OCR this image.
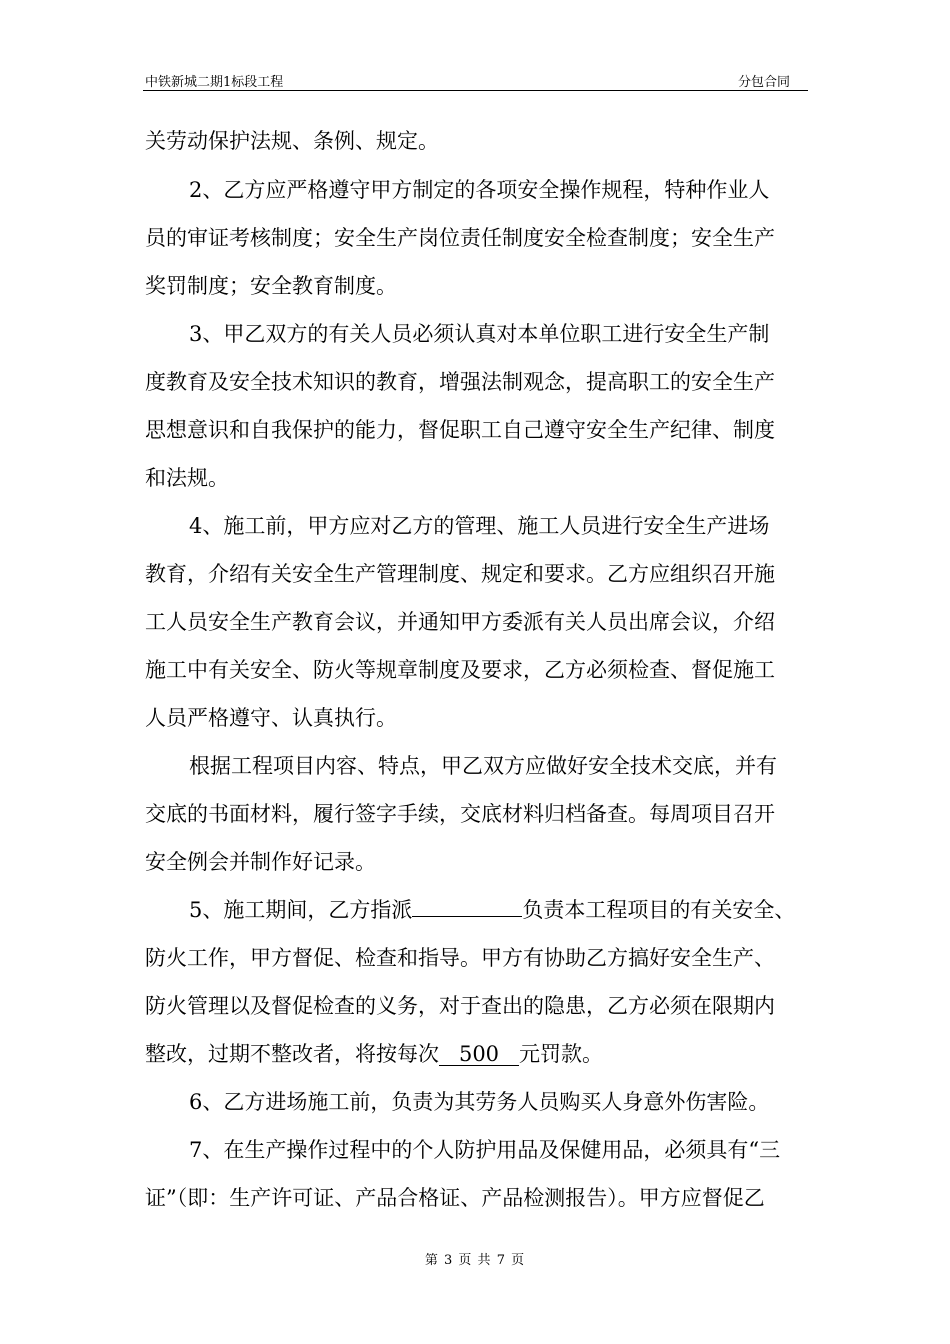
中铁新城二期1标段工程	分包合同
关劳动保护法规、条例、规定。
2、乙方应严格遵守甲方制定的各项安全操作规程，特种作业人
员的审证考核制度；安全生产岗位责任制度安全检查制度；安全生产
奖罚制度；安全教育制度。
3、甲乙双方的有关人员必须认真对本单位职工进行安全生产制
度教育及安全技术知识的教育，增强法制观念，提高职工的安全生产
思想意识和自我保护的能力，督促职工自己遵守安全生产纪律、制度
和法规。
4、施工前，甲方应对乙方的管理、施工人员进行安全生产进场
教育，介绍有关安全生产管理制度、规定和要求。乙方应组织召开施
工人员安全生产教育会议，并通知甲方委派有关人员出席会议，介绍
施工中有关安全、防火等规章制度及要求，乙方必须检查、督促施工
人员严格遵守、认真执行。
根据工程项目内容、特点，甲乙双方应做好安全技术交底，并有
交底的书面材料，履行签字手续，交底材料归档备查。每周项目召开
安全例会并制作好记录。
5、施工期间，乙方指派	负责本工程项目的有关安全、
防火工作，甲方督促、检查和指导。甲方有协助乙方搞好安全生产、
防火管理以及督促检查的义务，对于查出的隐患，乙方必须在限期内
整改，过期不整改者，将按每次 500 元罚款。
6、乙方进场施工前，负责为其劳务人员购买人身意外伤害险。
7、在生产操作过程中的个人防护用品及保健用品，必须具有“三
证”（即：生产许可证、产品合格证、产品检测报告）。甲方应督促乙
第 3 页 共 7 页
